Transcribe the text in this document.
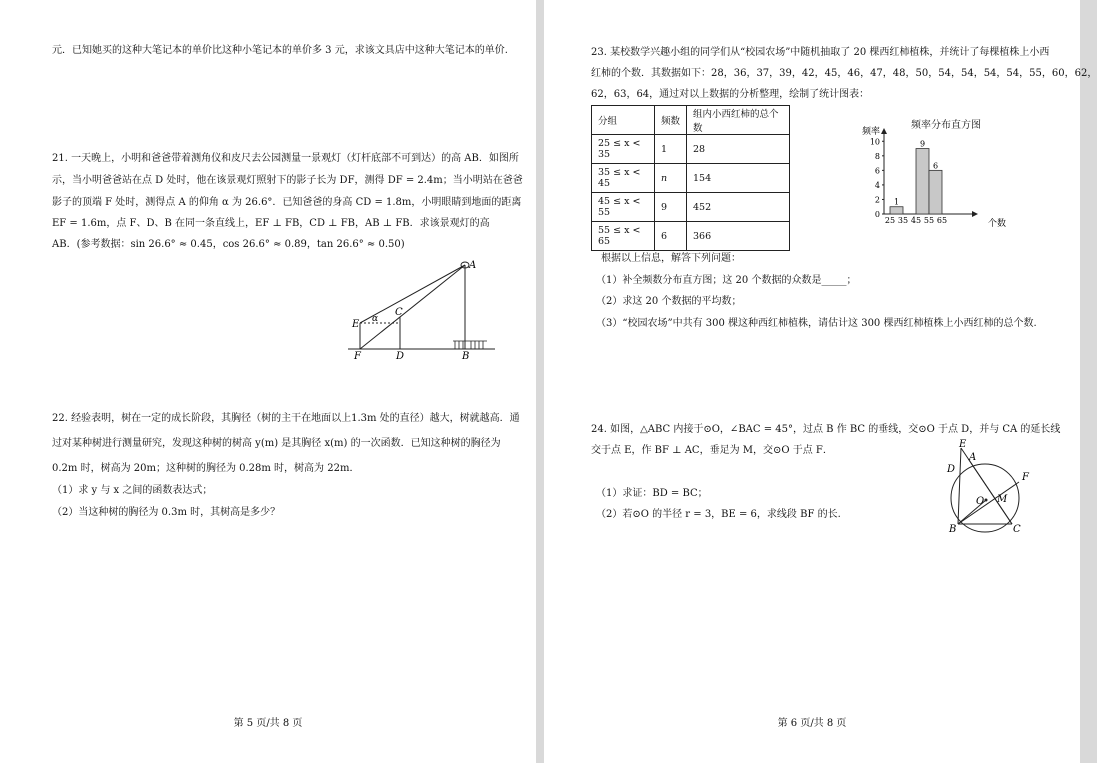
元．已知她买的这种大笔记本的单价比这种小笔记本的单价多 3 元，求该文具店中这种大笔记本的单价.
21. 一天晚上，小明和爸爸带着测角仪和皮尺去公园测量一景观灯（灯杆底部不可到达）的高 AB．如图所
示，当小明爸爸站在点 D 处时，他在该景观灯照射下的影子长为 DF，测得 DF = 2.4m；当小明站在爸爸
影子的顶端 F 处时，测得点 A 的仰角 α 为 26.6°．已知爸爸的身高 CD = 1.8m，小明眼睛到地面的距离
EF = 1.6m，点 F、D、B 在同一条直线上，EF ⊥ FB，CD ⊥ FB，AB ⊥ FB．求该景观灯的高
AB．(参考数据：sin 26.6° ≈ 0.45，cos 26.6° ≈ 0.89，tan 26.6° ≈ 0.50)
E
F	D	B
C
A
α
22. 经验表明，树在一定的成长阶段，其胸径（树的主干在地面以上1.3m 处的直径）越大，树就越高．通
过对某种树进行测量研究，发现这种树的树高 y(m) 是其胸径 x(m) 的一次函数．已知这种树的胸径为
0.2m 时，树高为 20m；这种树的胸径为 0.28m 时，树高为 22m．
（1）求 y 与 x 之间的函数表达式；
（2）当这种树的胸径为 0.3m 时，其树高是多少？
第 5 页/共 8 页
23. 某校数学兴趣小组的同学们从“校园农场”中随机抽取了 20 棵西红柿植株，并统计了每棵植株上小西
红柿的个数．其数据如下：28，36，37，39，42，45，46，47，48，50，54，54，54，54，55，60，62，
62，63，64，通过对以上数据的分析整理，绘制了统计图表：
分组	频数	组内小西红柿的总个数
25 ≤ x < 35	1	28
35 ≤ x < 45	n	154
45 ≤ x < 55	9	452
55 ≤ x < 65	6	366
频率分布直方图
0
2
4
6
8
10
25 35 45 55 65
1
9
6
频率
个数
根据以上信息，解答下列问题：
（1）补全频数分布直方图；这 20 个数据的众数是_____；
（2）求这 20 个数据的平均数；
（3）“校园农场”中共有 300 棵这种西红柿植株，请估计这 300 棵西红柿植株上小西红柿的总个数.
24. 如图，△ABC 内接于⊙O，∠BAC = 45°，过点 B 作 BC 的垂线，交⊙O 于点 D，并与 CA 的延长线
交于点 E，作 BF ⊥ AC，垂足为 M，交⊙O 于点 F．
（1）求证：BD = BC；
（2）若⊙O 的半径 r = 3，BE = 6，求线段 BF 的长.
E
A
D
F
O M
B	C
第 6 页/共 8 页
